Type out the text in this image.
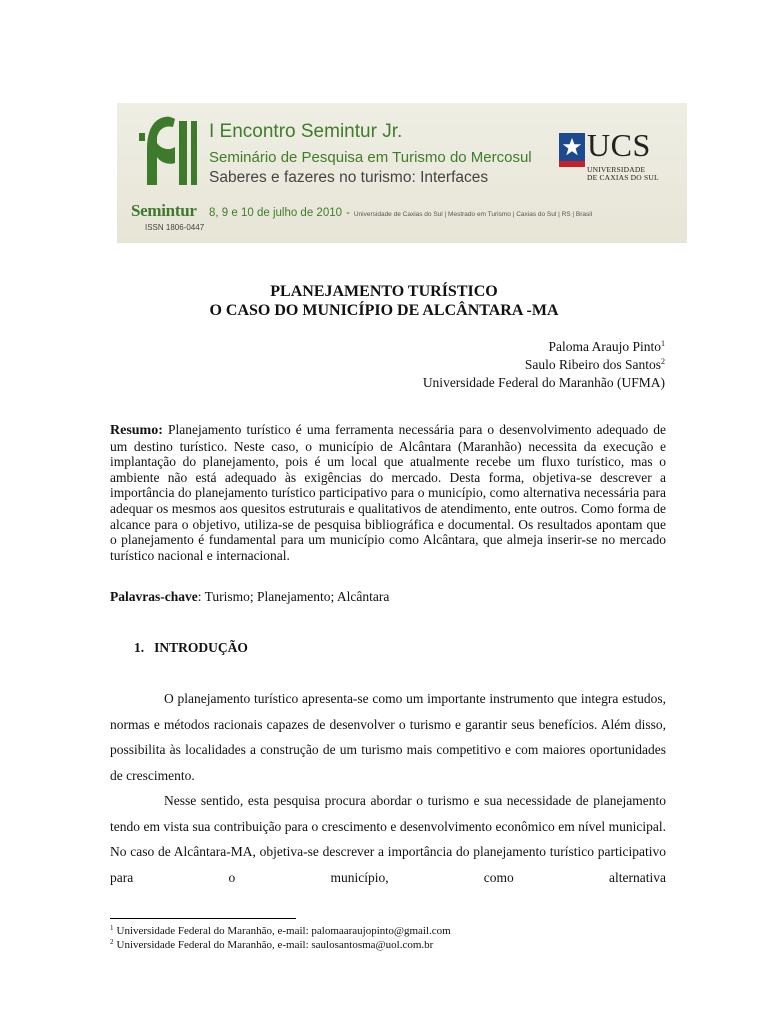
Semintur
ISSN 1806-0447
I Encontro Semintur Jr.
Seminário de Pesquisa em Turismo do Mercosul
Saberes e fazeres no turismo: Interfaces
8, 9 e 10 de julho de 2010 - Universidade de Caxias do Sul | Mestrado em Turismo | Caxias do Sul | RS | Brasil
UCS
UNIVERSIDADE
DE CAXIAS DO SUL
PLANEJAMENTO TURÍSTICO
O CASO DO MUNICÍPIO DE ALCÂNTARA -MA
Paloma Araujo Pinto$^1$
Saulo Ribeiro dos Santos$^2$
Universidade Federal do Maranhão (UFMA)
Resumo: Planejamento turístico é uma ferramenta necessária para o desenvolvimento adequado de um destino turístico. Neste caso, o município de Alcântara (Maranhão) necessita da execução e implantação do planejamento, pois é um local que atualmente recebe um fluxo turístico, mas o ambiente não está adequado às exigências do mercado. Desta forma, objetiva-se descrever a importância do planejamento turístico participativo para o município, como alternativa necessária para adequar os mesmos aos quesitos estruturais e qualitativos de atendimento, ente outros. Como forma de alcance para o objetivo, utiliza-se de pesquisa bibliográfica e documental. Os resultados apontam que o planejamento é fundamental para um município como Alcântara, que almeja inserir-se no mercado turístico nacional e internacional.
Palavras-chave: Turismo; Planejamento; Alcântara
1. INTRODUÇÃO
O planejamento turístico apresenta-se como um importante instrumento que integra estudos, normas e métodos racionais capazes de desenvolver o turismo e garantir seus benefícios. Além disso, possibilita às localidades a construção de um turismo mais competitivo e com maiores oportunidades de crescimento.
Nesse sentido, esta pesquisa procura abordar o turismo e sua necessidade de planejamento tendo em vista sua contribuição para o crescimento e desenvolvimento econômico em nível municipal. No caso de Alcântara-MA, objetiva-se descrever a importância do planejamento turístico participativo para o município, como alternativa
$^1$ Universidade Federal do Maranhão, e-mail: palomaaraujopinto@gmail.com
$^2$ Universidade Federal do Maranhão, e-mail: saulosantosma@uol.com.br
